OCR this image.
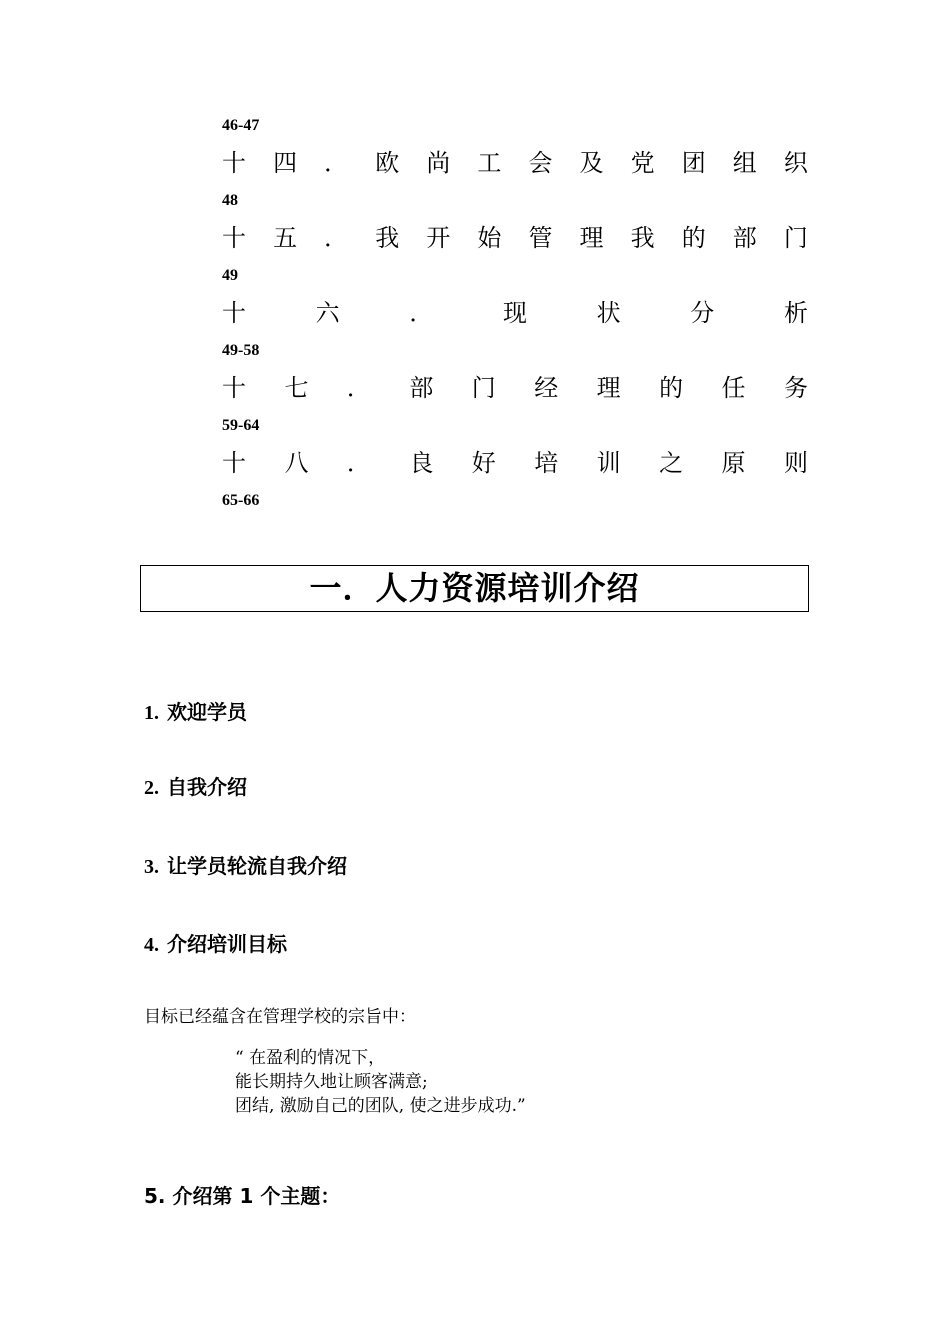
46-47
十 四 ． 欧 尚 工 会 及 党 团 组 织
48
十 五 ． 我 开 始 管 理 我 的 部 门
49
十	六	．	现	状	分	析
49-58
十 七 ． 部 门 经 理 的 任 务
59-64
十 八 ． 良 好 培 训 之 原 则
65-66
一．人力资源培训介绍
1. 欢迎学员
2. 自我介绍
3. 让学员轮流自我介绍
4. 介绍培训目标
目标已经蕴含在管理学校的宗旨中：
“ 在盈利的情况下，
能长期持久地让顾客满意;
团结, 激励自己的团队, 使之进步成功.”
5. 介绍第 1 个主题：
